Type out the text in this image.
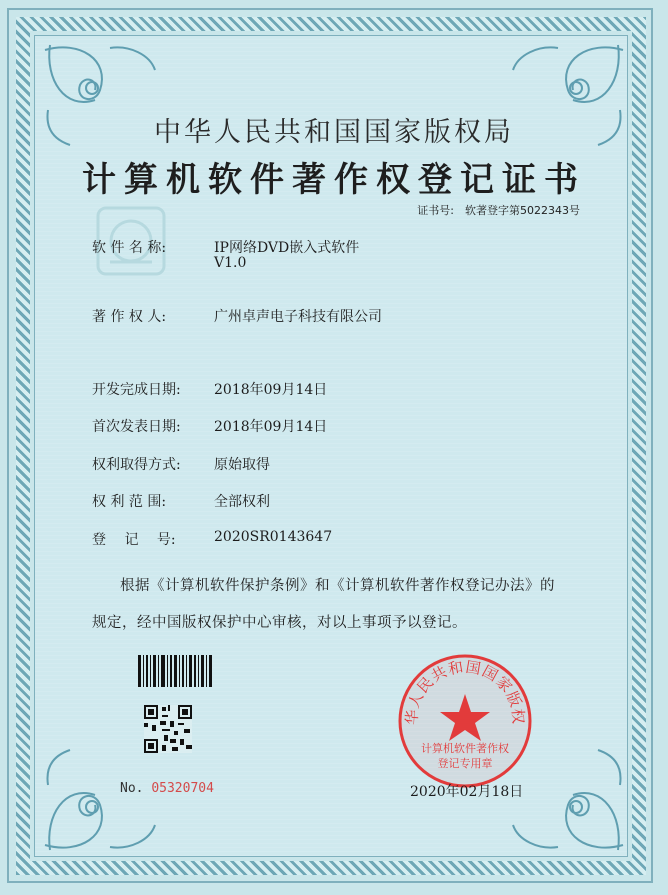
中华人民共和国国家版权局
计算机软件著作权登记证书
证书号:　软著登字第5022343号
软 件 名 称:	IP网络DVD嵌入式软件
V1.0
著 作 权 人:	广州卓声电子科技有限公司
开发完成日期: 2018年09月14日
首次发表日期: 2018年09月14日
权利取得方式: 原始取得
权 利 范 围:	全部权利
登 　记 　号:	2020SR0143647
根据《计算机软件保护条例》和《计算机软件著作权登记办法》的
规定，经中国版权保护中心审核，对以上事项予以登记。
No. 05320704
华人民共和国国家版权
计算机软件著作权
登记专用章
2020年02月18日
